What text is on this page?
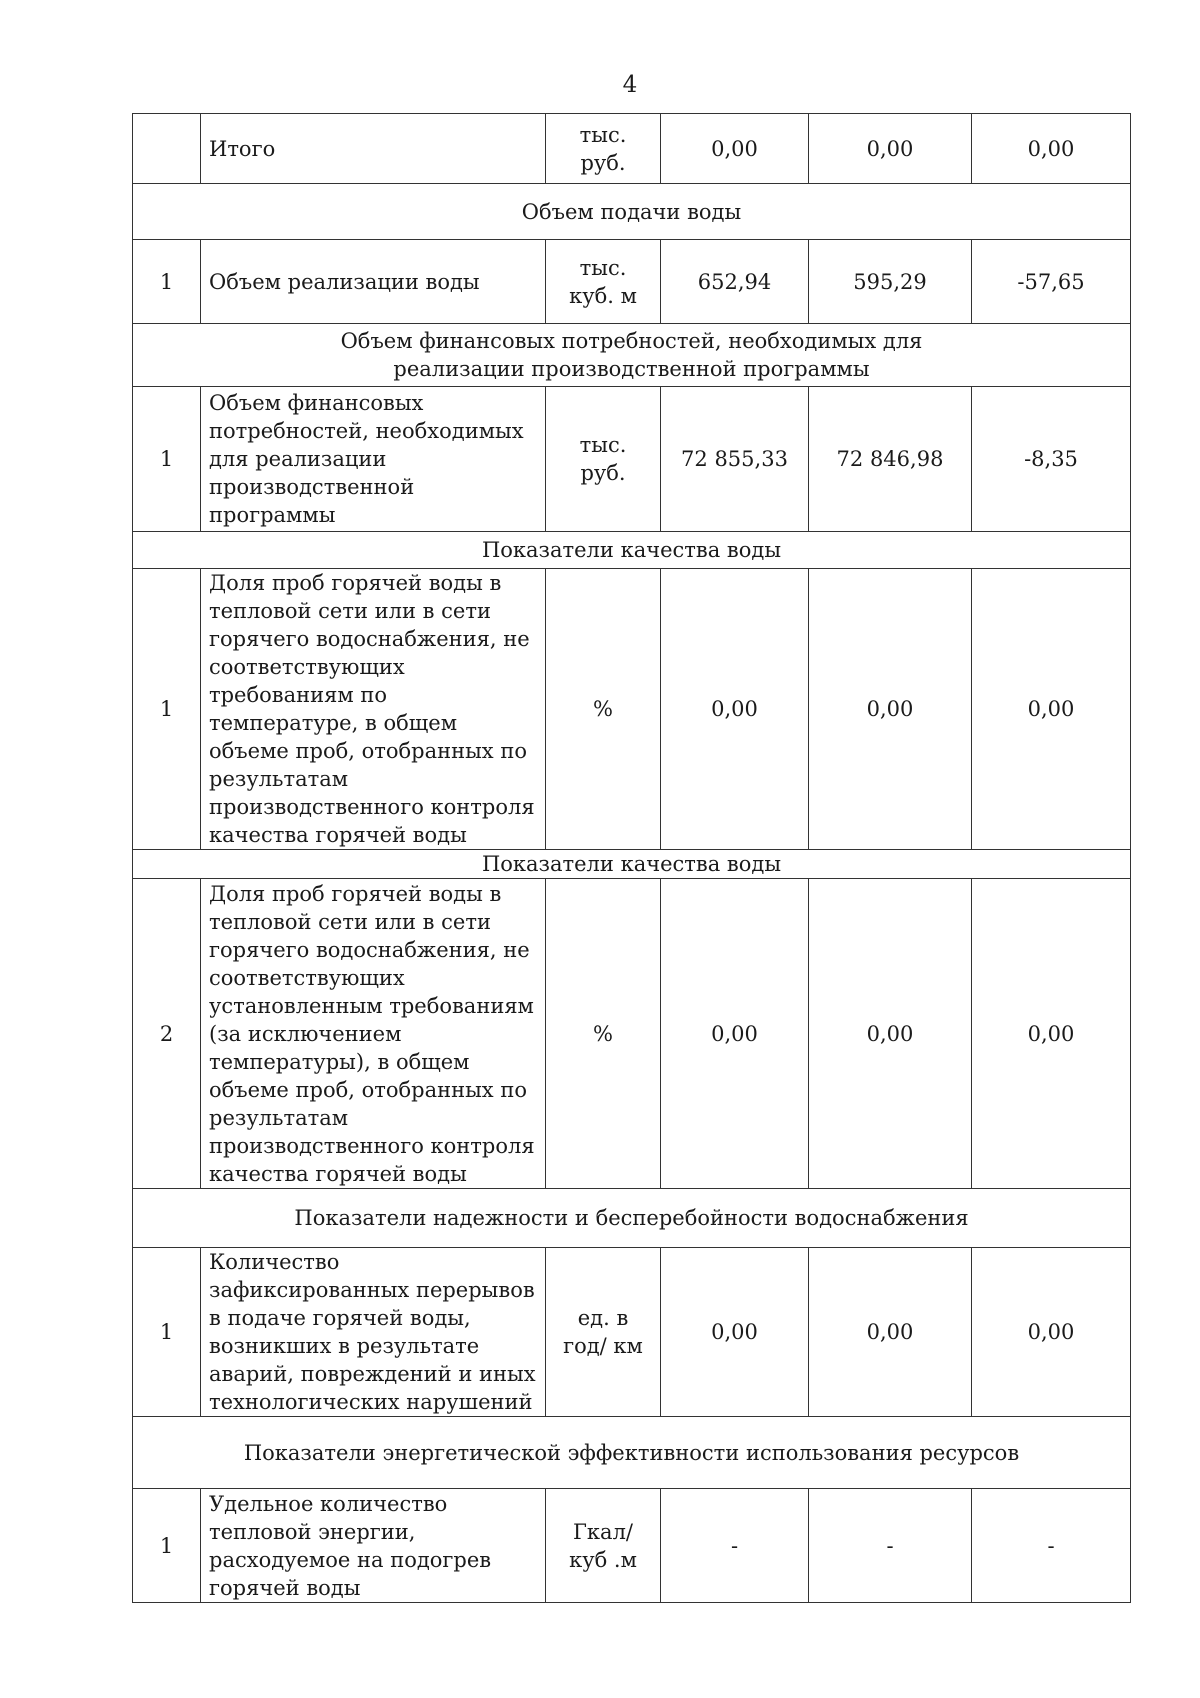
4
	Итого	тыс. руб.	0,00	0,00	0,00
Объем подачи воды					
1	Объем реализации воды	тыс. куб. м	652,94	595,29	-57,65
Объем финансовых потребностей, необходимых для реализации производственной программы					
1	Объем финансовых потребностей, необходимых для реализации производственной программы	тыс. руб.	72 855,33	72 846,98	-8,35
Показатели качества воды					
1	Доля проб горячей воды в тепловой сети или в сети горячего водоснабжения, не соответствующих требованиям по температуре, в общем объеме проб, отобранных по результатам производственного контроля качества горячей воды	%	0,00	0,00	0,00
Показатели качества воды					
2	Доля проб горячей воды в тепловой сети или в сети горячего водоснабжения, не соответствующих установленным требованиям (за исключением температуры), в общем объеме проб, отобранных по результатам производственного контроля качества горячей воды	%	0,00	0,00	0,00
Показатели надежности и бесперебойности водоснабжения					
1	Количество зафиксированных перерывов в подаче горячей воды, возникших в результате аварий, повреждений и иных технологических нарушений	ед. в год/ км	0,00	0,00	0,00
Показатели энергетической эффективности использования ресурсов					
1	Удельное количество тепловой энергии, расходуемое на подогрев горячей воды	Гкал/куб .м	-	-	-
